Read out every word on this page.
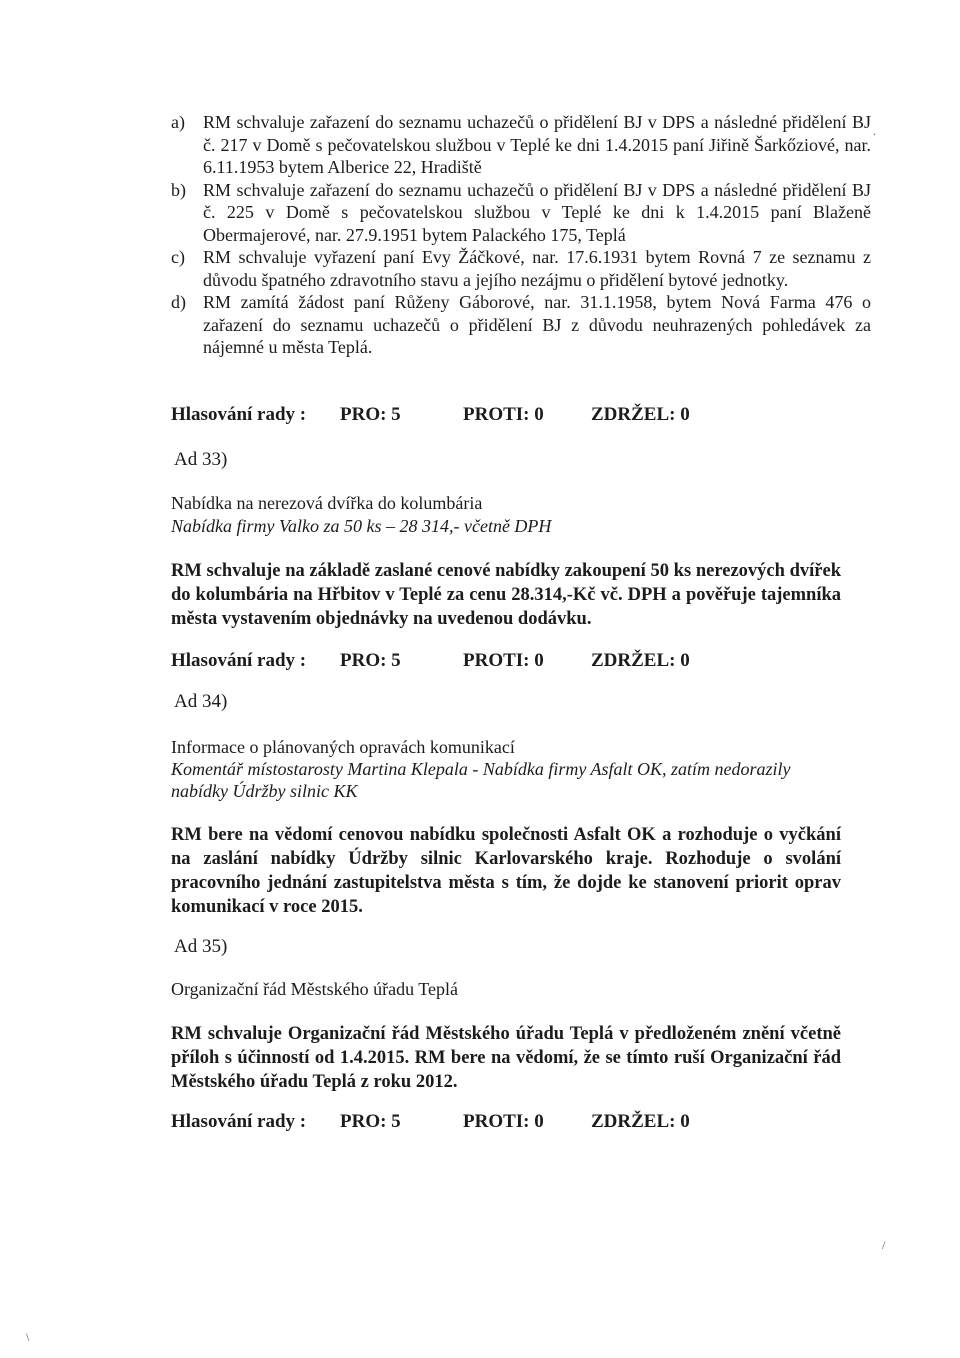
a)	RM schvaluje zařazení do seznamu uchazečů o přidělení BJ v DPS a následné přidělení BJ č. 217 v Domě s pečovatelskou službou v Teplé ke dni 1.4.2015 paní Jiřině Šarkőziové, nar. 6.11.1953 bytem Alberice 22, Hradiště
b) RM schvaluje zařazení do seznamu uchazečů o přidělení BJ v DPS a následné přidělení BJ č. 225 v Domě s pečovatelskou službou v Teplé ke dni k 1.4.2015 paní Blaženě Obermajerové, nar. 27.9.1951 bytem Palackého 175, Teplá
c)	RM schvaluje vyřazení paní Evy Žáčkové, nar. 17.6.1931 bytem Rovná 7 ze seznamu z důvodu špatného zdravotního stavu a jejího nezájmu o přidělení bytové jednotky.
d) RM zamítá žádost paní Růženy Gáborové, nar. 31.1.1958, bytem Nová Farma 476 o zařazení do seznamu uchazečů o přidělení BJ z důvodu neuhrazených pohledávek za nájemné u města Teplá.
Hlasování rady : PRO: 5	PROTI: 0 ZDRŽEL: 0
Ad 33)
Nabídka na nerezová dvířka do kolumbária
Nabídka firmy Valko za 50 ks – 28 314,- včetně DPH
RM schvaluje na základě zaslané cenové nabídky zakoupení 50 ks nerezových dvířek do kolumbária na Hřbitov v Teplé za cenu 28.314,-Kč vč. DPH a pověřuje tajemníka města vystavením objednávky na uvedenou dodávku.
Hlasování rady : PRO: 5	PROTI: 0 ZDRŽEL: 0
Ad 34)
Informace o plánovaných opravách komunikací
Komentář místostarosty Martina Klepala - Nabídka firmy Asfalt OK, zatím nedorazily nabídky Údržby silnic KK
RM bere na vědomí cenovou nabídku společnosti Asfalt OK a rozhoduje o vyčkání na zaslání nabídky Údržby silnic Karlovarského kraje. Rozhoduje o svolání pracovního jednání zastupitelstva města s tím, že dojde ke stanovení priorit oprav komunikací v roce 2015.
Ad 35)
Organizační řád Městského úřadu Teplá
RM schvaluje Organizační řád Městského úřadu Teplá v předloženém znění včetně příloh s účinností od 1.4.2015. RM bere na vědomí, že se tímto ruší Organizační řád Městského úřadu Teplá z roku 2012.
Hlasování rady : PRO: 5	PROTI: 0 ZDRŽEL: 0
.
/
\
